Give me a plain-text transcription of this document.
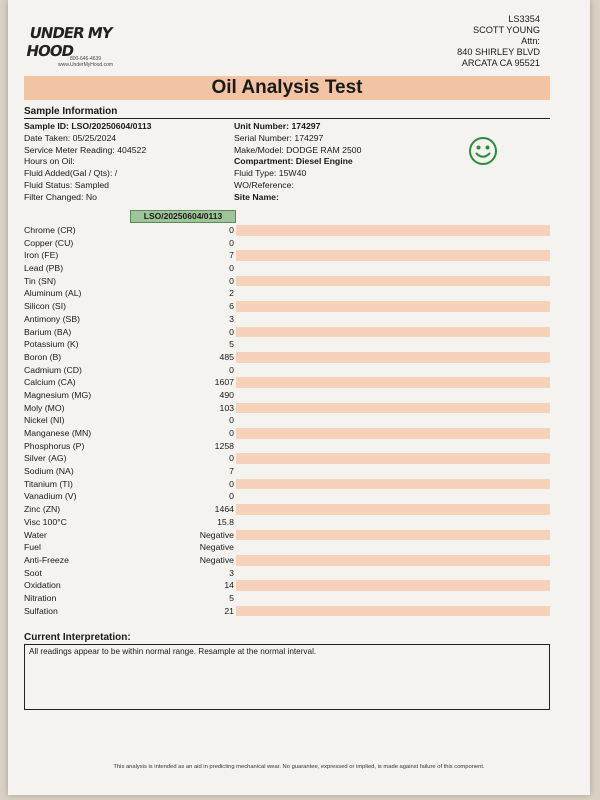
UNDER MY HOOD
800-646-4639
www.UnderMyHood.com
LS3354
SCOTT YOUNG
Attn:
840 SHIRLEY BLVD
ARCATA CA 95521
Oil Analysis Test
Sample Information
Sample ID: LSO/20250604/0113
Date Taken: 05/25/2024
Service Meter Reading: 404522
Hours on Oil:
Fluid Added(Gal / Qts): /
Fluid Status: Sampled
Filter Changed: No
Unit Number: 174297
Serial Number: 174297
Make/Model: DODGE RAM 2500
Compartment: Diesel Engine
Fluid Type: 15W40
WO/Reference:
Site Name:
LSO/20250604/0113
Chrome (CR)	0
Copper (CU)	0
Iron (FE)	7
Lead (PB)	0
Tin (SN)	0
Aluminum (AL)	2
Silicon (SI)	6
Antimony (SB)	3
Barium (BA)	0
Potassium (K)	5
Boron (B)	485
Cadmium (CD)	0
Calcium (CA)	1607
Magnesium (MG)	490
Moly (MO)	103
Nickel (NI)	0
Manganese (MN)	0
Phosphorus (P)	1258
Silver (AG)	0
Sodium (NA)	7
Titanium (TI)	0
Vanadium (V)	0
Zinc (ZN)	1464
Visc 100°C	15.8
Water	Negative
Fuel	Negative
Anti-Freeze	Negative
Soot	3
Oxidation	14
Nitration	5
Sulfation	21
Current Interpretation:
All readings appear to be within normal range. Resample at the normal interval.
This analysis is intended as an aid in predicting mechanical wear. No guarantee, expressed or implied, is made against failure of this component.
